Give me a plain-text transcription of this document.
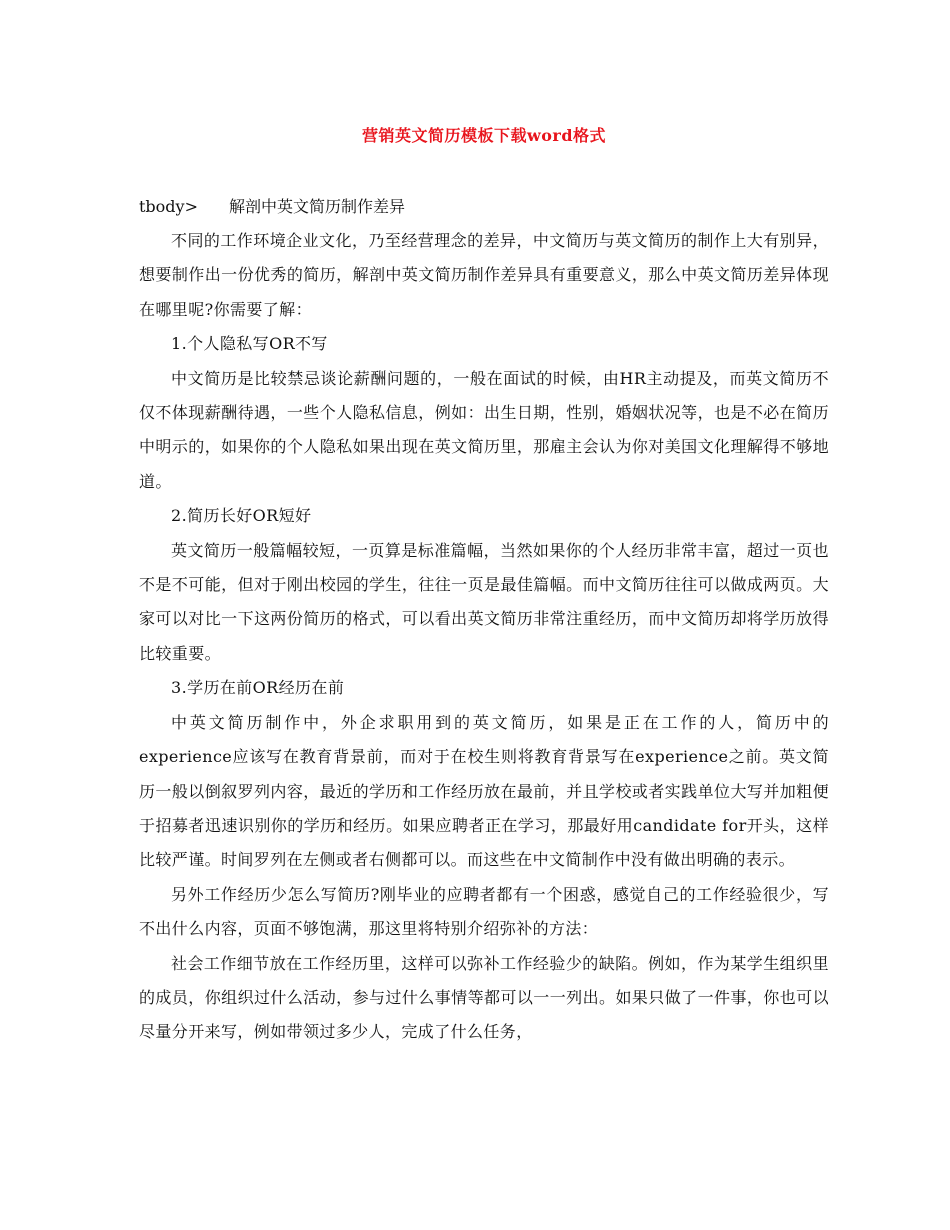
营销英文简历模板下载word格式
tbody> 解剖中英文简历制作差异

不同的工作环境企业文化，乃至经营理念的差异，中文简历与英文简历的制作上大有别异，想要制作出一份优秀的简历，解剖中英文简历制作差异具有重要意义，那么中英文简历差异体现在哪里呢?你需要了解：

1.个人隐私写OR不写

中文简历是比较禁忌谈论薪酬问题的，一般在面试的时候，由HR主动提及，而英文简历不仅不体现薪酬待遇，一些个人隐私信息，例如：出生日期，性别，婚姻状况等，也是不必在简历中明示的，如果你的个人隐私如果出现在英文简历里，那雇主会认为你对美国文化理解得不够地道。

2.简历长好OR短好

英文简历一般篇幅较短，一页算是标准篇幅，当然如果你的个人经历非常丰富，超过一页也不是不可能，但对于刚出校园的学生，往往一页是最佳篇幅。而中文简历往往可以做成两页。大家可以对比一下这两份简历的格式，可以看出英文简历非常注重经历，而中文简历却将学历放得比较重要。

3.学历在前OR经历在前

中英文简历制作中，外企求职用到的英文简历，如果是正在工作的人，简历中的experience应该写在教育背景前，而对于在校生则将教育背景写在experience之前。英文简历一般以倒叙罗列内容，最近的学历和工作经历放在最前，并且学校或者实践单位大写并加粗便于招募者迅速识别你的学历和经历。如果应聘者正在学习，那最好用candidate for开头，这样比较严谨。时间罗列在左侧或者右侧都可以。而这些在中文简制作中没有做出明确的表示。

另外工作经历少怎么写简历?刚毕业的应聘者都有一个困惑，感觉自己的工作经验很少，写不出什么内容，页面不够饱满，那这里将特别介绍弥补的方法：

社会工作细节放在工作经历里，这样可以弥补工作经验少的缺陷。例如，作为某学生组织里的成员，你组织过什么活动，参与过什么事情等都可以一一列出。如果只做了一件事，你也可以尽量分开来写，例如带领过多少人，完成了什么任务，
